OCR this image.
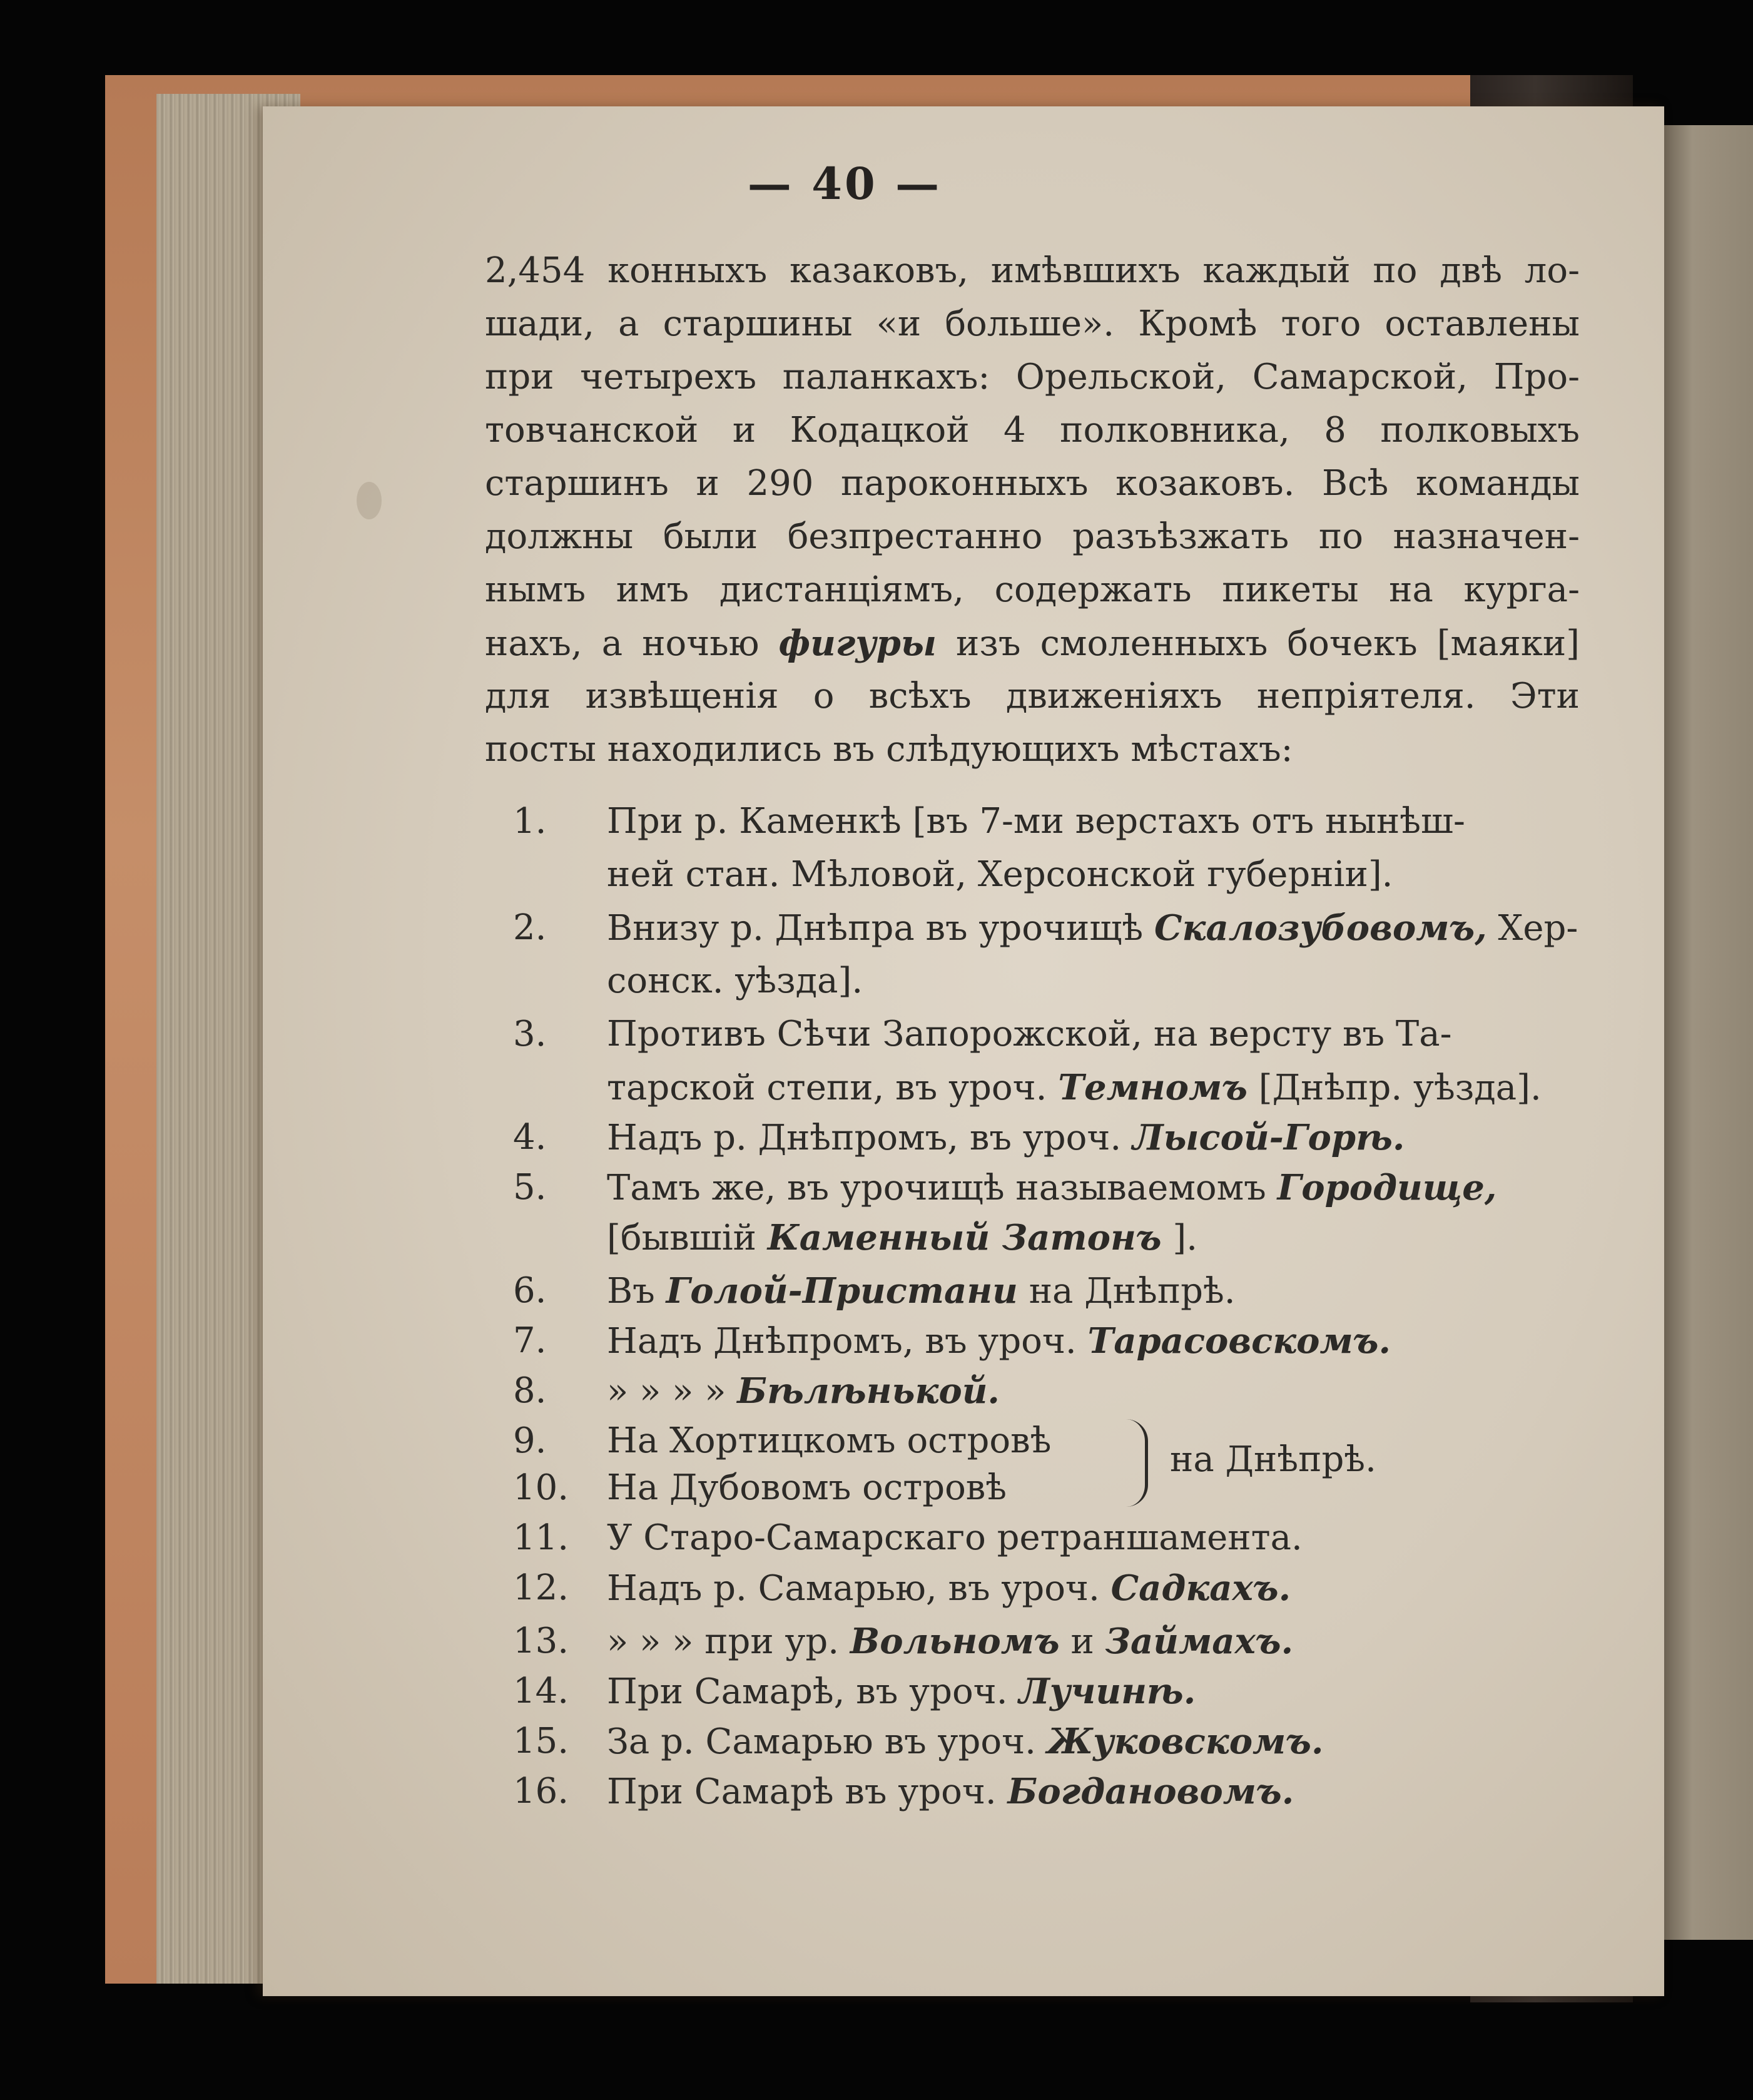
— 40 —
2,454 конныхъ казаковъ, имѣвшихъ каждый по двѣ ло-
шади, а старшины «и больше». Кромѣ того оставлены
при четырехъ паланкахъ: Орельской, Самарской, Про-
товчанской и Кодацкой 4 полковника, 8 полковыхъ
старшинъ и 290 пароконныхъ козаковъ. Всѣ команды
должны были безпрестанно разъѣзжать по назначен-
нымъ имъ дистанціямъ, содержать пикеты на курга-
нахъ, а ночью фигуры изъ смоленныхъ бочекъ [маяки]
для извѣщенія о всѣхъ движеніяхъ непріятеля. Эти
посты находились въ слѣдующихъ мѣстахъ:
1. При р. Каменкѣ [въ 7-ми верстахъ отъ нынѣш-
ней стан. Мѣловой, Херсонской губерніи].
2. Внизу р. Днѣпра въ урочищѣ Скалозубовомъ, Хер-
сонск. уѣзда].
3. Противъ Сѣчи Запорожской, на версту въ Та-
тарской степи, въ уроч. Темномъ [Днѣпр. уѣзда].
4. Надъ р. Днѣпромъ, въ уроч. Лысой-Горѣ.
5. Тамъ же, въ урочищѣ называемомъ Городище,
[бывшій Каменный Затонъ ].
6. Въ Голой-Пристани на Днѣпрѣ.
7. Надъ Днѣпромъ, въ уроч. Тарасовскомъ.
8. » » » » Бѣлѣнькой.
9. На Хортицкомъ островѣ
10. На Дубовомъ островѣ
11. У Старо-Самарскаго ретраншамента.
12. Надъ р. Самарью, въ уроч. Садкахъ.
13. » » » при ур. Вольномъ и Займахъ.
14. При Самарѣ, въ уроч. Лучинѣ.
15. За р. Самарью въ уроч. Жуковскомъ.
16. При Самарѣ въ уроч. Богдановомъ.
на Днѣпрѣ.
